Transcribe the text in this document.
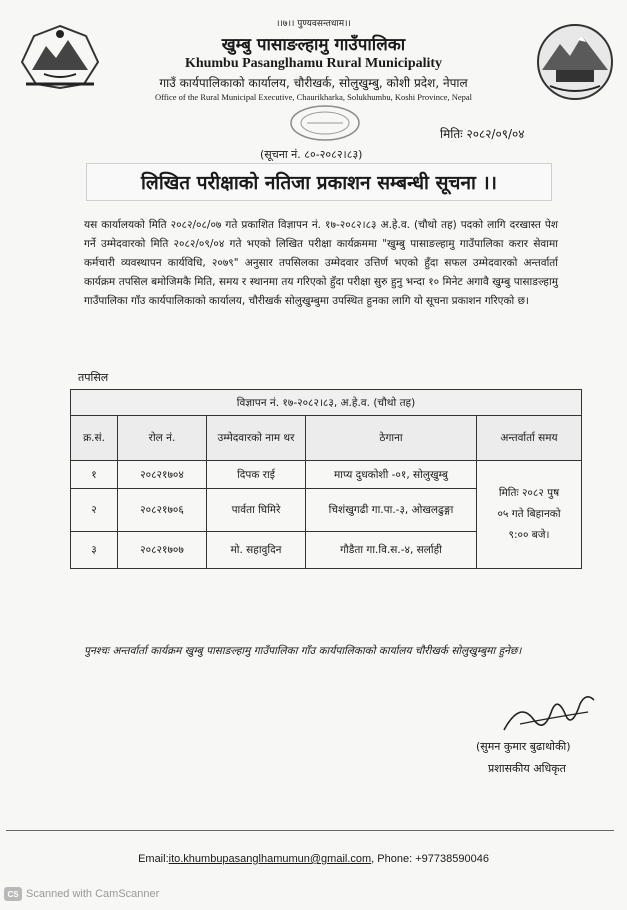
।।७।। पुण्यवसन्तधाम।।
खुम्बु पासाङल्हामु गाउँपालिका
Khumbu Pasanglhamu Rural Municipality
गाउँ कार्यपालिकाको कार्यालय, चौरीखर्क, सोलुखुम्बु, कोशी प्रदेश, नेपाल
Office of the Rural Municipal Executive, Chaurikharka, Solukhumbu, Koshi Province, Nepal
मितिः २०८२/०९/०४
(सूचना नं. ८०-२०८२।८३)
लिखित परीक्षाको नतिजा प्रकाशन सम्बन्धी सूचना ।।
यस कार्यालयको मिति २०८२/०८/०७ गते प्रकाशित विज्ञापन नं. १७-२०८२।८३ अ.हे.व. (चौथो तह) पदको लागि दरखास्त पेश गर्ने उम्मेदवारको मिति २०८२/०९/०४ गते भएको लिखित परीक्षा कार्यक्रममा "खुम्बु पासाङल्हामु गाउँपालिका करार सेवामा कर्मचारी व्यवस्थापन कार्यविधि, २०७९" अनुसार तपसिलका उम्मेदवार उत्तिर्ण भएको हुँदा सफल उम्मेदवारको अन्तर्वार्ता कार्यक्रम तपसिल बमोजिमकै मिति, समय र स्थानमा तय गरिएको हुँदा परीक्षा सुरु हुनु भन्दा १० मिनेट अगावै खुम्बु पासाङल्हामु गाउँपालिका गाँउ कार्यपालिकाको कार्यालय, चौरीखर्क सोलुखुम्बुमा उपस्थित हुनका लागि यो सूचना प्रकाशन गरिएको छ।
तपसिल
विज्ञापन नं. १७-२०८२।८३, अ.हे.व. (चौथो तह)				
क्र.सं.	रोल नं.	उम्मेदवारको नाम थर	ठेगाना	अन्तर्वार्ता समय
१	२०८२१७०४	दिपक राई	माप्य दुधकोशी -०१, सोलुखुम्बु	मितिः २०८२ पुष ०५ गते बिहानको ९:०० बजे।
२	२०८२१७०६	पार्वता घिमिरे	चिशंखुगढी गा.पा.-३, ओखलढुङ्गा	
३	२०८२१७०७	मो. सहावुदिन	गौडैता गा.वि.स.-४, सर्लाही	
पुनश्चः अन्तर्वार्ता कार्यक्रम खुम्बु पासाङल्हामु गाउँपालिका गाँउ कार्यपालिकाको कार्यालय चौरीखर्क सोलुखुम्बुमा हुनेछ।
(सुमन कुमार बुढाथोकी)
प्रशासकीय अधिकृत
Email:ito.khumbupasanglhamumun@gmail.com, Phone: +97738590046
CS Scanned with CamScanner
